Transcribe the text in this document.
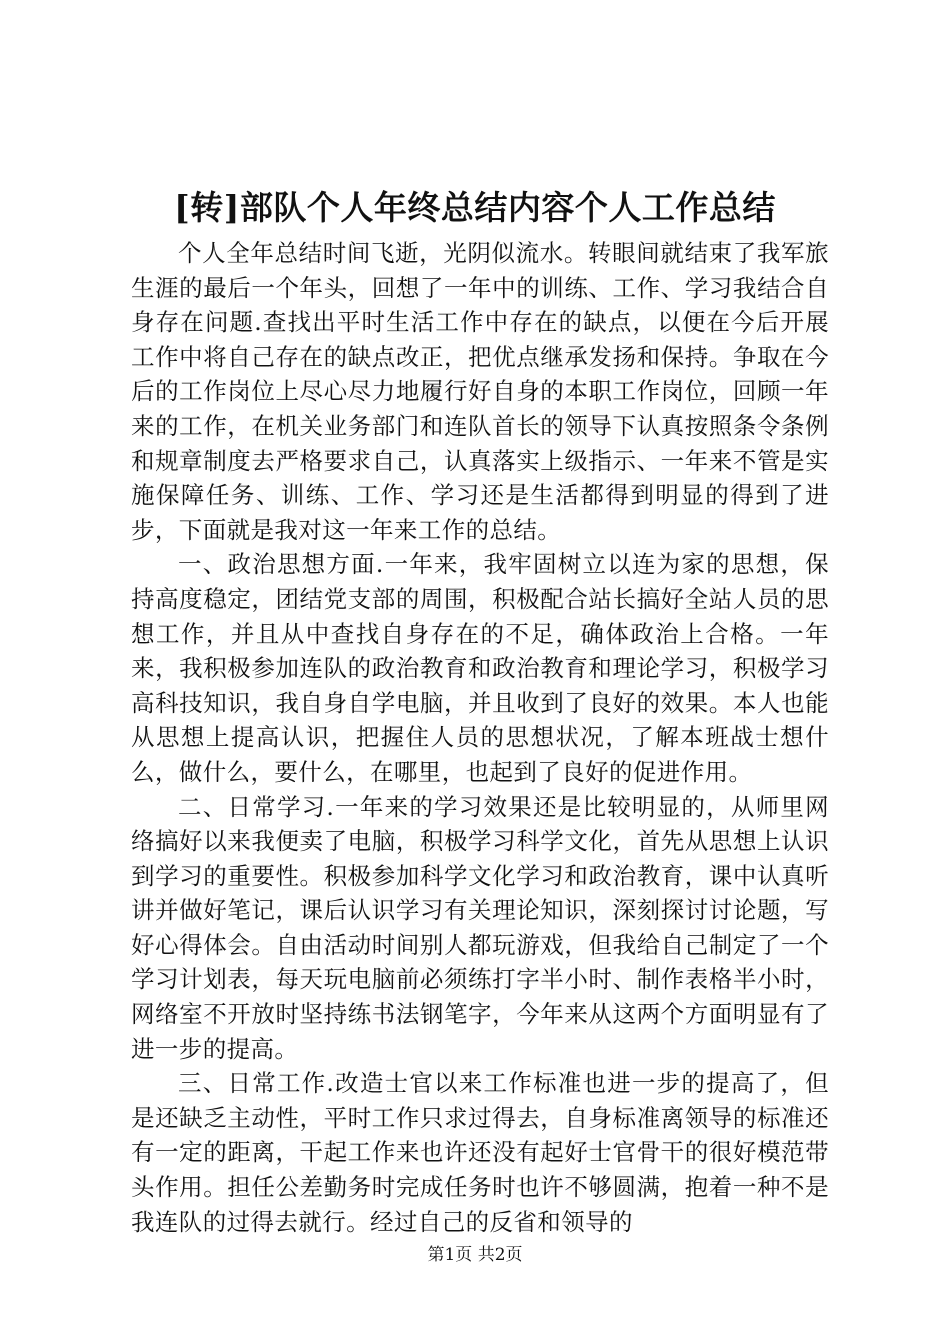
[转]部队个人年终总结内容个人工作总结

个人全年总结时间飞逝，光阴似流水。转眼间就结束了我军旅生涯的最后一个年头，回想了一年中的训练、工作、学习我结合自身存在问题.查找出平时生活工作中存在的缺点，以便在今后开展工作中将自己存在的缺点改正，把优点继承发扬和保持。争取在今后的工作岗位上尽心尽力地履行好自身的本职工作岗位，回顾一年来的工作，在机关业务部门和连队首长的领导下认真按照条令条例和规章制度去严格要求自己，认真落实上级指示、一年来不管是实施保障任务、训练、工作、学习还是生活都得到明显的得到了进步，下面就是我对这一年来工作的总结。

一、政治思想方面.一年来，我牢固树立以连为家的思想，保持高度稳定，团结党支部的周围，积极配合站长搞好全站人员的思想工作，并且从中查找自身存在的不足，确体政治上合格。一年来，我积极参加连队的政治教育和政治教育和理论学习，积极学习高科技知识，我自身自学电脑，并且收到了良好的效果。本人也能从思想上提高认识，把握住人员的思想状况，了解本班战士想什么，做什么，要什么，在哪里，也起到了良好的促进作用。

二、日常学习.一年来的学习效果还是比较明显的，从师里网络搞好以来我便卖了电脑，积极学习科学文化，首先从思想上认识到学习的重要性。积极参加科学文化学习和政治教育，课中认真听讲并做好笔记，课后认识学习有关理论知识，深刻探讨讨论题，写好心得体会。自由活动时间别人都玩游戏，但我给自己制定了一个学习计划表，每天玩电脑前必须练打字半小时、制作表格半小时，网络室不开放时坚持练书法钢笔字，今年来从这两个方面明显有了进一步的提高。

三、日常工作.改造士官以来工作标准也进一步的提高了，但是还缺乏主动性，平时工作只求过得去，自身标准离领导的标准还有一定的距离，干起工作来也许还没有起好士官骨干的很好模范带头作用。担任公差勤务时完成任务时也许不够圆满，抱着一种不是我连队的过得去就行。经过自己的反省和领导的

第1页 共2页
